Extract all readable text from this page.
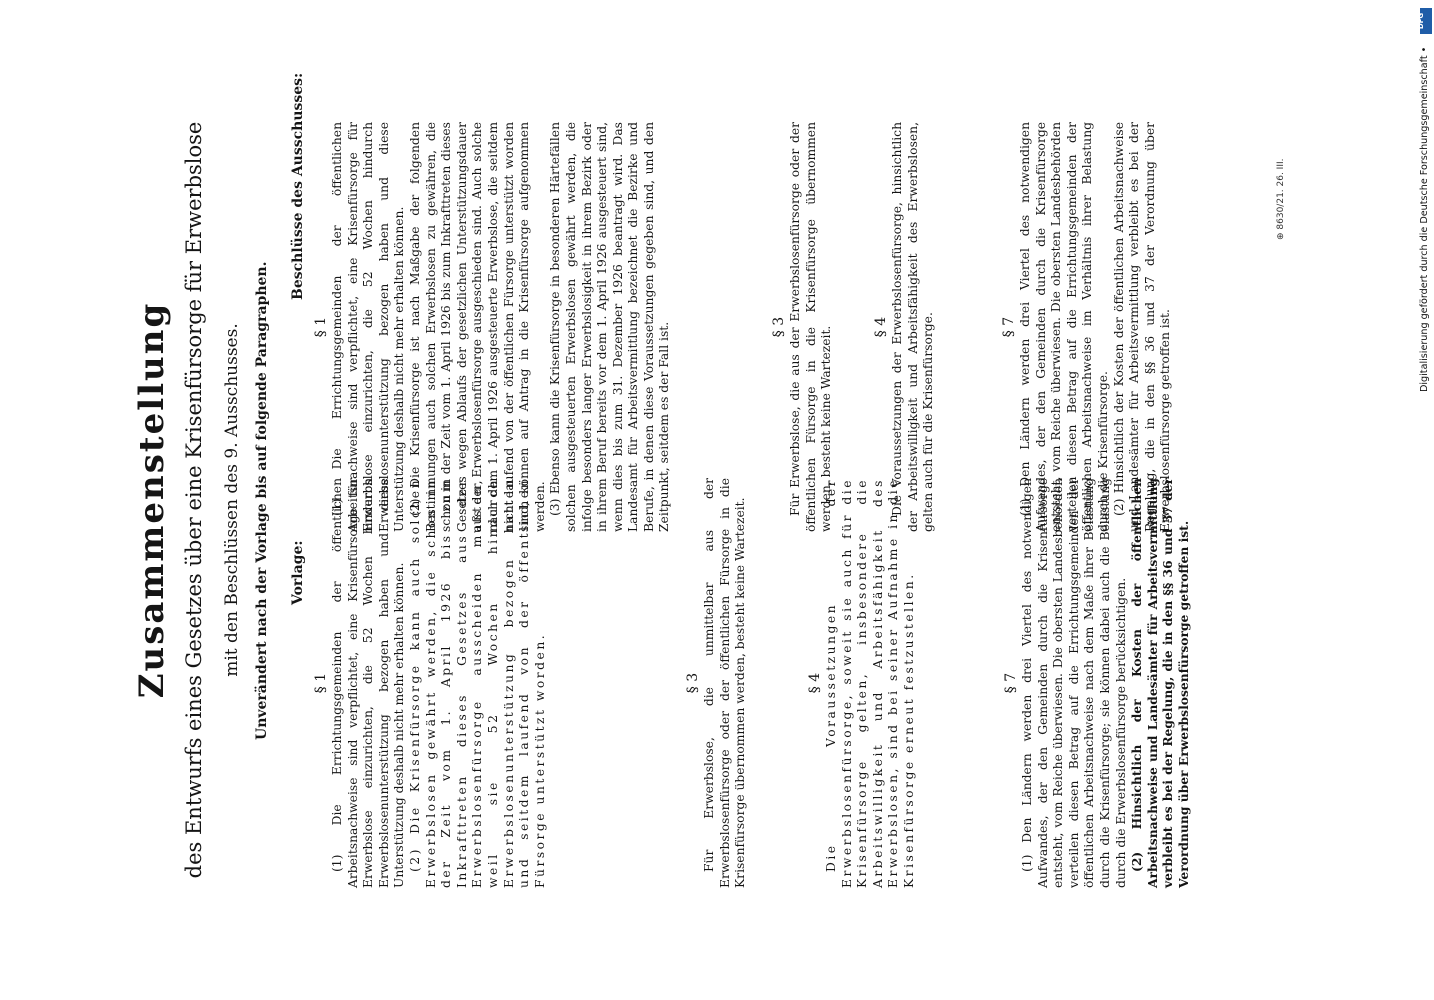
Zusammenstellung des Entwurfs eines Gesetzes über eine Krisenfürsorge für Erwerbslose mit den Beschlüssen des 9. Ausschusses. Unverändert nach der Vorlage bis auf folgende Paragraphen. Vorlage:
Beschlüsse des Ausschusses:
§ 1 (1) Die Errichtungsgemeinden der öffentlichen Arbeitsnachweise sind verpflichtet, eine Krisenfürsorge für Erwerbslose einzurichten, die 52 Wochen hindurch Erwerbslosenunterstützung bezogen haben und diese Unterstützung deshalb nicht mehr erhalten können. (2) Die Krisenfürsorge kann auch solchen Erwerbslosen gewährt werden, die schon in der Zeit vom 1. April 1926 bis zum Inkrafttreten dieses Gesetzes aus der Erwerbslosenfürsorge ausscheiden mußten, weil sie 52 Wochen hindurch Erwerbslosenunterstützung bezogen hatten und seitdem laufend von der öffentlichen Fürsorge unterstützt worden.	§ 3 Für Erwerbslose, die unmittelbar aus der Erwerbslosenfürsorge oder der öffentlichen Fürsorge in die Krisenfürsorge übernommen werden, besteht keine Wartezeit.	§ 4 Die Voraussetzungen der Erwerbslosenfürsorge, soweit sie auch für die Krisenfürsorge gelten, insbesondere die Arbeitswilligkeit und Arbeitsfähigkeit des Erwerbslosen, sind bei seiner Aufnahme in die Krisenfürsorge erneut festzustellen.	§ 7 (1) Den Ländern werden drei Viertel des notwendigen Aufwandes, der den Gemeinden durch die Krisenfürsorge entsteht, vom Reiche überwiesen. Die obersten Landesbehörden verteilen diesen Betrag auf die Errichtungsgemeinden der öffentlichen Arbeitsnachweise nach dem Maße ihrer Belastung durch die Krisenfürsorge; sie können dabei auch die Belastung durch die Erwerbslosenfürsorge berücksichtigen. (2) Hinsichtlich der Kosten der öffentlichen Arbeitsnachweise und Landesämter für Arbeitsvermittlung verbleibt es bei der Regelung, die in den §§ 36 und 37 der Verordnung über Erwerbslosenfürsorge getroffen ist.

§ 1 (1) Die Errichtungsgemeinden der öffentlichen Arbeitsnachweise sind verpflichtet, eine Krisenfürsorge für Erwerbslose einzurichten, die 52 Wochen hindurch Erwerbslosenunterstützung bezogen haben und diese Unterstützung deshalb nicht mehr erhalten können. (2) Die Krisenfürsorge ist nach Maßgabe der folgenden Bestimmungen auch solchen Erwerbslosen zu gewähren, die schon in der Zeit vom 1. April 1926 bis zum Inkrafttreten dieses Gesetzes wegen Ablaufs der gesetzlichen Unterstützungsdauer aus der Erwerbslosenfürsorge ausgeschieden sind. Auch solche nach dem 1. April 1926 ausgesteuerte Erwerbslose, die seitdem nicht laufend von der öffentlichen Fürsorge unterstützt worden sind, können auf Antrag in die Krisenfürsorge aufgenommen werden. (3) Ebenso kann die Krisenfürsorge in besonderen Härtefällen solchen ausgesteuerten Erwerbslosen gewährt werden, die infolge besonders langer Erwerbslosigkeit in ihrem Bezirk oder in ihrem Beruf bereits vor dem 1. April 1926 ausgesteuert sind, wenn dies bis zum 31. Dezember 1926 beantragt wird. Das Landesamt für Arbeitsvermittlung bezeichnet die Bezirke und Berufe, in denen diese Voraussetzungen gegeben sind, und den Zeitpunkt, seitdem es der Fall ist.	§ 3 Für Erwerbslose, die aus der Erwerbslosenfürsorge oder der öffentlichen Fürsorge in die Krisenfürsorge übernommen werden, besteht keine Wartezeit.	§ 4 Die Voraussetzungen der Erwerbslosenfürsorge, hinsichtlich der Arbeitswilligkeit und Arbeitsfähigkeit des Erwerbslosen, gelten auch für die Krisenfürsorge.	§ 7 (1) Den Ländern werden drei Viertel des notwendigen Aufwandes, der den Gemeinden durch die Krisenfürsorge entsteht, vom Reiche überwiesen. Die obersten Landesbehörden verteilen diesen Betrag auf die Errichtungsgemeinden der öffentlichen Arbeitsnachweise im Verhältnis ihrer Belastung durch die Krisenfürsorge. (2) Hinsichtlich der Kosten der öffentlichen Arbeitsnachweise und Landesämter für Arbeitsvermittlung verbleibt es bei der Regelung, die in den §§ 36 und 37 der Verordnung über Erwerbslosenfürsorge getroffen ist.

⊕ 8630/21. 26. III.	Digitalisierung gefördert durch die Deutsche Forschungsgemeinschaft •
DFG
